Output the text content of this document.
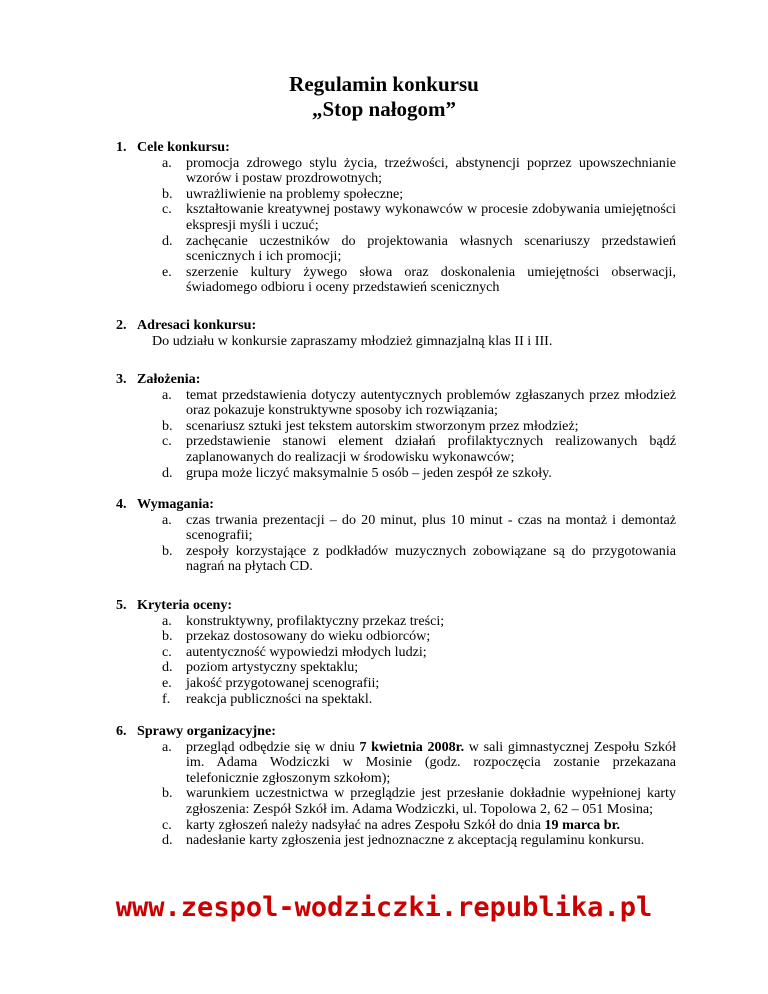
Regulamin konkursu
„Stop nałogom”
1. Cele konkursu:
a. promocja zdrowego stylu życia, trzeźwości, abstynencji poprzez upowszechnianie wzorów i postaw prozdrowotnych;
b. uwrażliwienie na problemy społeczne;
c. kształtowanie kreatywnej postawy wykonawców w procesie zdobywania umiejętności ekspresji myśli i uczuć;
d. zachęcanie uczestników do projektowania własnych scenariuszy przedstawień scenicznych i ich promocji;
e. szerzenie kultury żywego słowa oraz doskonalenia umiejętności obserwacji, świadomego odbioru i oceny przedstawień scenicznych
2. Adresaci konkursu:
Do udziału w konkursie zapraszamy młodzież gimnazjalną klas II i III.
3. Założenia:
a. temat przedstawienia dotyczy autentycznych problemów zgłaszanych przez młodzież oraz pokazuje konstruktywne sposoby ich rozwiązania;
b. scenariusz sztuki jest tekstem autorskim stworzonym przez młodzież;
c. przedstawienie stanowi element działań profilaktycznych realizowanych bądź zaplanowanych do realizacji w środowisku wykonawców;
d. grupa może liczyć maksymalnie 5 osób – jeden zespół ze szkoły.
4. Wymagania:
a. czas trwania prezentacji – do 20 minut, plus 10 minut - czas na montaż i demontaż scenografii;
b. zespoły korzystające z podkładów muzycznych zobowiązane są do przygotowania nagrań na płytach CD.
5. Kryteria oceny:
a. konstruktywny, profilaktyczny przekaz treści;
b. przekaz dostosowany do wieku odbiorców;
c. autentyczność wypowiedzi młodych ludzi;
d. poziom artystyczny spektaklu;
e. jakość przygotowanej scenografii;
f. reakcja publiczności na spektakl.
6. Sprawy organizacyjne:
a. przegląd odbędzie się w dniu 7 kwietnia 2008r. w sali gimnastycznej Zespołu Szkół im. Adama Wodziczki w Mosinie (godz. rozpoczęcia zostanie przekazana telefonicznie zgłoszonym szkołom);
b. warunkiem uczestnictwa w przeglądzie jest przesłanie dokładnie wypełnionej karty zgłoszenia: Zespół Szkół im. Adama Wodziczki, ul. Topolowa 2, 62 – 051 Mosina;
c. karty zgłoszeń należy nadsyłać na adres Zespołu Szkół do dnia 19 marca br.
d. nadesłanie karty zgłoszenia jest jednoznaczne z akceptacją regulaminu konkursu.
www.zespol-wodziczki.republika.pl
